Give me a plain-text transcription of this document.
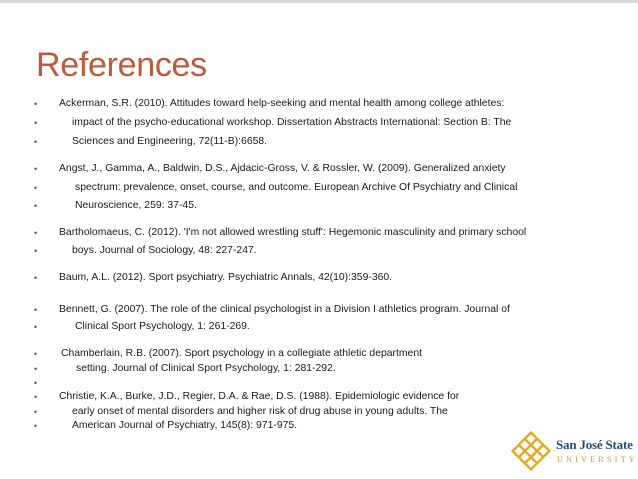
References
• Ackerman, S.R. (2010). Attitudes toward help-seeking and mental health among college athletes:
•	impact of the psycho-educational workshop. Dissertation Abstracts International: Section B: The
•	Sciences and Engineering, 72(11-B):6658.
• Angst, J., Gamma, A., Baldwin, D.S., Ajdacic-Gross, V. & Rossler, W. (2009). Generalized anxiety
•	spectrum: prevalence, onset, course, and outcome. European Archive Of Psychiatry and Clinical
•	Neuroscience, 259: 37-45.
• Bartholomaeus, C. (2012). 'I'm not allowed wrestling stuff': Hegemonic masculinity and primary school
•	boys. Journal of Sociology, 48: 227-247.
• Baum, A.L. (2012). Sport psychiatry. Psychiatric Annals, 42(10):359-360.
• Bennett, G. (2007). The role of the clinical psychologist in a Division I athletics program. Journal of
•	Clinical Sport Psychology, 1: 261-269.
• Chamberlain, R.B. (2007). Sport psychology in a collegiate athletic department
•	setting. Journal of Clinical Sport Psychology, 1: 281-292.
•
• Christie, K.A., Burke, J.D., Regier, D.A. & Rae, D.S. (1988). Epidemiologic evidence for
•	early onset of mental disorders and higher risk of drug abuse in young adults. The
•	American Journal of Psychiatry, 145(8): 971-975.
San José State
UNIVERSITY
